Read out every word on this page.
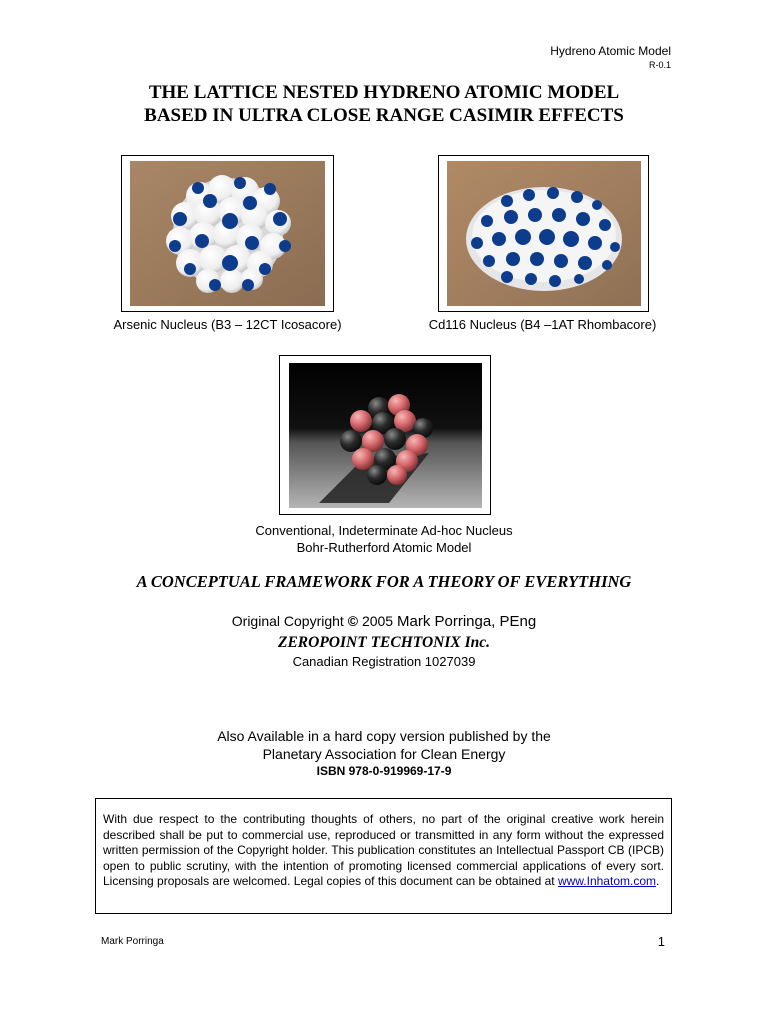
Hydreno Atomic Model
R-0.1
THE LATTICE NESTED HYDRENO ATOMIC MODEL
BASED IN ULTRA CLOSE RANGE CASIMIR EFFECTS
Arsenic Nucleus (B3 – 12CT Icosacore)	Cd116 Nucleus (B4 –1AT Rhombacore)
Conventional, Indeterminate Ad-hoc Nucleus
Bohr-Rutherford Atomic Model
A CONCEPTUAL FRAMEWORK FOR A THEORY OF EVERYTHING
Original Copyright © 2005 Mark Porringa, PEng
ZEROPOINT TECHTONIX Inc.
Canadian Registration 1027039
Also Available in a hard copy version published by the
Planetary Association for Clean Energy
ISBN 978-0-919969-17-9
With due respect to the contributing thoughts of others, no part of the original creative work herein described shall be put to commercial use, reproduced or transmitted in any form without the expressed written permission of the Copyright holder. This publication constitutes an Intellectual Passport CB (IPCB) open to public scrutiny, with the intention of promoting licensed commercial applications of every sort. Licensing proposals are welcomed. Legal copies of this document can be obtained at www.Inhatom.com.
Mark Porringa	1
